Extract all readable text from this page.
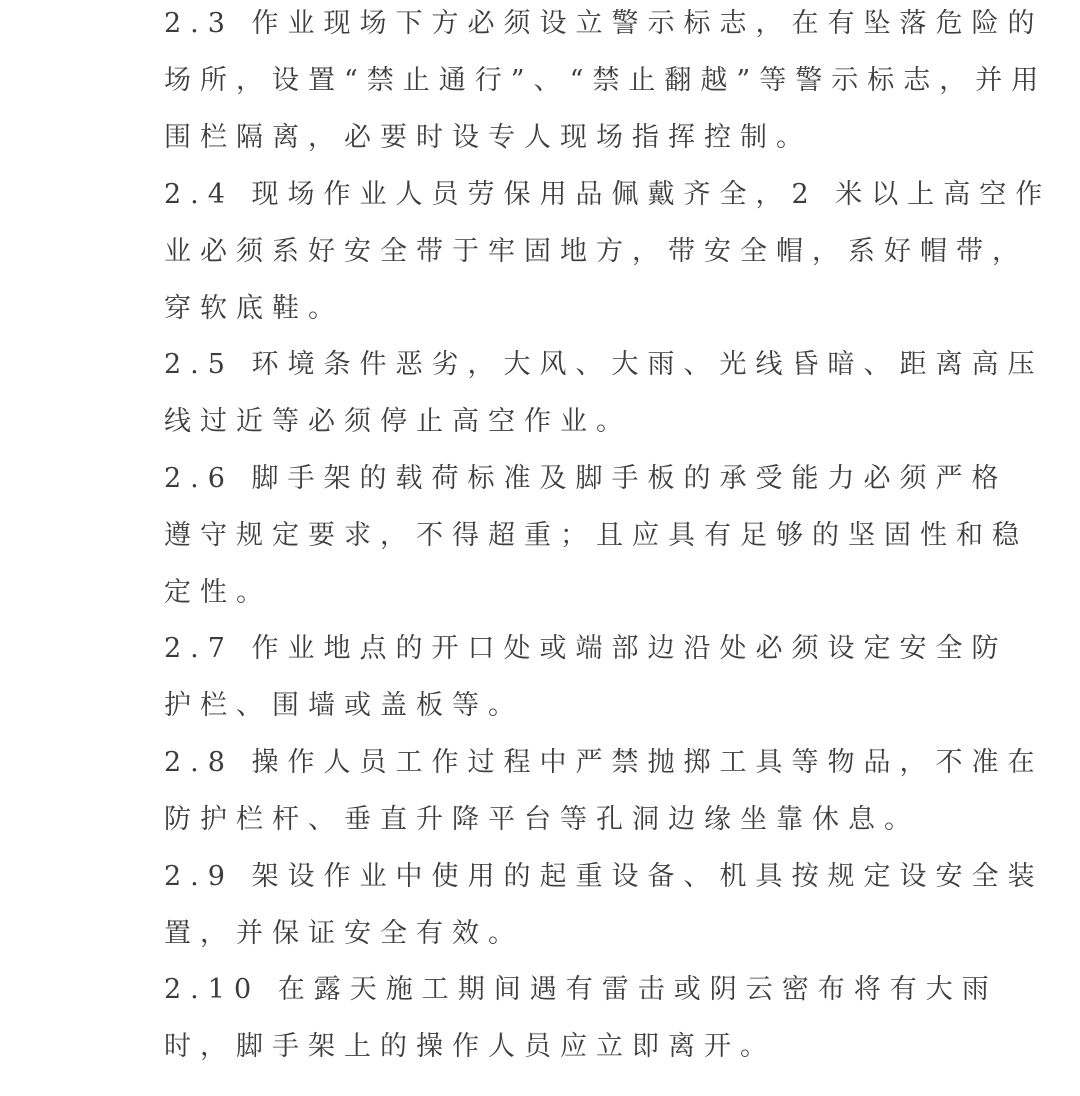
2.3 作业现场下方必须设立警示标志，在有坠落危险的
场所，设置“禁止通行”、“禁止翻越”等警示标志，并用
围栏隔离，必要时设专人现场指挥控制。
2.4 现场作业人员劳保用品佩戴齐全，2 米以上高空作
业必须系好安全带于牢固地方，带安全帽，系好帽带，
穿软底鞋。
2.5 环境条件恶劣，大风、大雨、光线昏暗、距离高压
线过近等必须停止高空作业。
2.6 脚手架的载荷标准及脚手板的承受能力必须严格
遵守规定要求，不得超重；且应具有足够的坚固性和稳
定性。
2.7 作业地点的开口处或端部边沿处必须设定安全防
护栏、围墙或盖板等。
2.8 操作人员工作过程中严禁抛掷工具等物品，不准在
防护栏杆、垂直升降平台等孔洞边缘坐靠休息。
2.9 架设作业中使用的起重设备、机具按规定设安全装
置，并保证安全有效。
2.10 在露天施工期间遇有雷击或阴云密布将有大雨
时，脚手架上的操作人员应立即离开。
